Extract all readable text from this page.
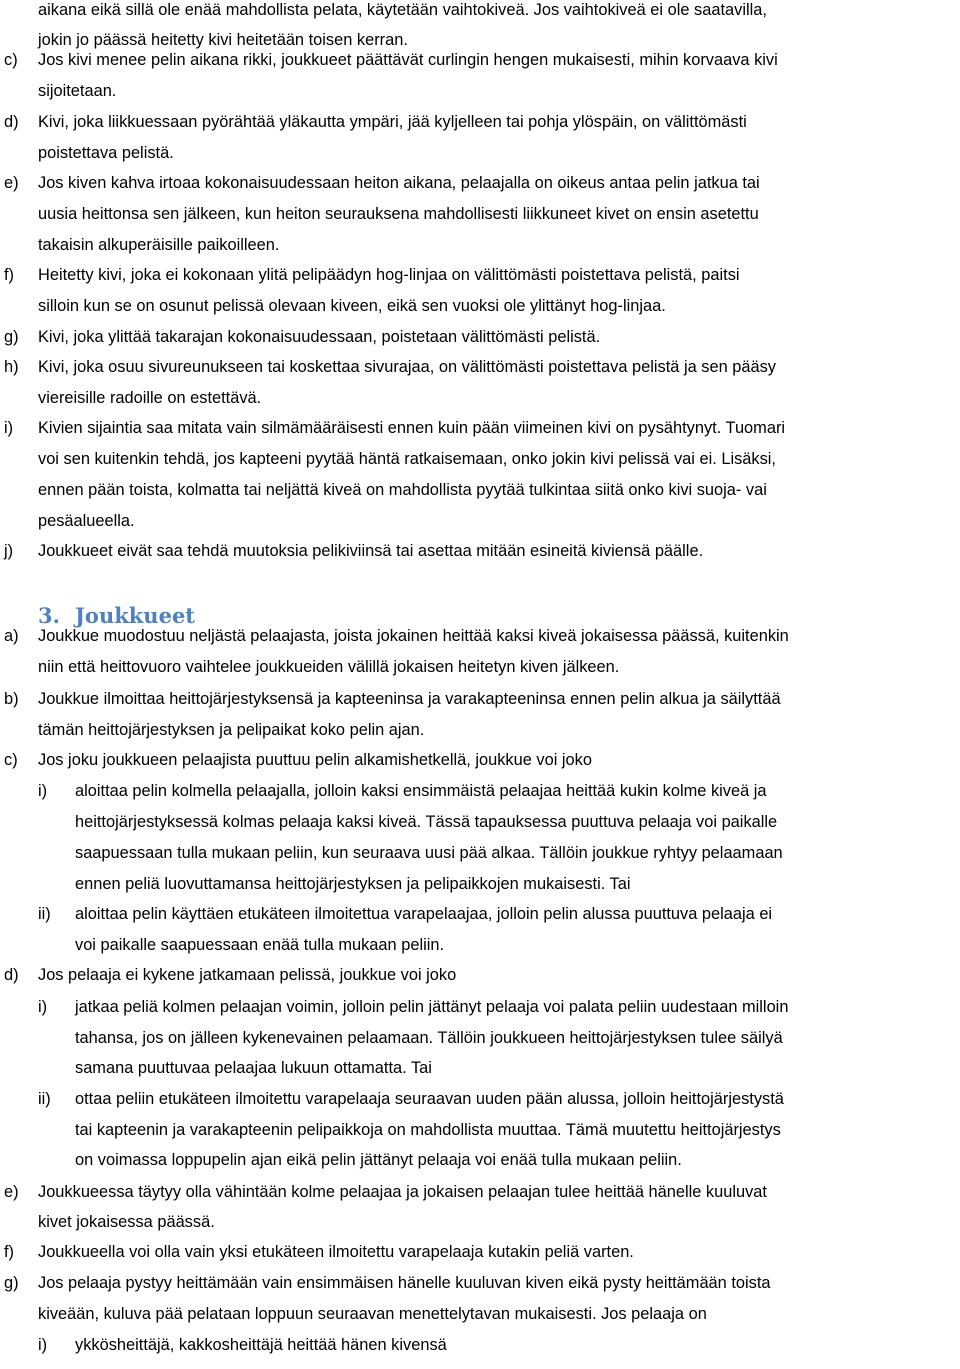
aikana eikä sillä ole enää mahdollista pelata, käytetään vaihtokiveä. Jos vaihtokiveä ei ole saatavilla,
jokin jo päässä heitetty kivi heitetään toisen kerran.
c) Jos kivi menee pelin aikana rikki, joukkueet päättävät curlingin hengen mukaisesti, mihin korvaava kivi
sijoitetaan.
d) Kivi, joka liikkuessaan pyörähtää yläkautta ympäri, jää kyljelleen tai pohja ylöspäin, on välittömästi
poistettava pelistä.
e) Jos kiven kahva irtoaa kokonaisuudessaan heiton aikana, pelaajalla on oikeus antaa pelin jatkua tai
uusia heittonsa sen jälkeen, kun heiton seurauksena mahdollisesti liikkuneet kivet on ensin asetettu
takaisin alkuperäisille paikoilleen.
f) Heitetty kivi, joka ei kokonaan ylitä pelipäädyn hog-linjaa on välittömästi poistettava pelistä, paitsi
silloin kun se on osunut pelissä olevaan kiveen, eikä sen vuoksi ole ylittänyt hog-linjaa.
g) Kivi, joka ylittää takarajan kokonaisuudessaan, poistetaan välittömästi pelistä.
h) Kivi, joka osuu sivureunukseen tai koskettaa sivurajaa, on välittömästi poistettava pelistä ja sen pääsy
viereisille radoille on estettävä.
i) Kivien sijaintia saa mitata vain silmämääräisesti ennen kuin pään viimeinen kivi on pysähtynyt. Tuomari
voi sen kuitenkin tehdä, jos kapteeni pyytää häntä ratkaisemaan, onko jokin kivi pelissä vai ei. Lisäksi,
ennen pään toista, kolmatta tai neljättä kiveä on mahdollista pyytää tulkintaa siitä onko kivi suoja- vai
pesäalueella.
j) Joukkueet eivät saa tehdä muutoksia pelikiviinsä tai asettaa mitään esineitä kiviensä päälle.
3. Joukkueet
a) Joukkue muodostuu neljästä pelaajasta, joista jokainen heittää kaksi kiveä jokaisessa päässä, kuitenkin
niin että heittovuoro vaihtelee joukkueiden välillä jokaisen heitetyn kiven jälkeen.
b) Joukkue ilmoittaa heittojärjestyksensä ja kapteeninsa ja varakapteeninsa ennen pelin alkua ja säilyttää
tämän heittojärjestyksen ja pelipaikat koko pelin ajan.
c) Jos joku joukkueen pelaajista puuttuu pelin alkamishetkellä, joukkue voi joko
i) aloittaa pelin kolmella pelaajalla, jolloin kaksi ensimmäistä pelaajaa heittää kukin kolme kiveä ja
heittojärjestyksessä kolmas pelaaja kaksi kiveä. Tässä tapauksessa puuttuva pelaaja voi paikalle
saapuessaan tulla mukaan peliin, kun seuraava uusi pää alkaa. Tällöin joukkue ryhtyy pelaamaan
ennen peliä luovuttamansa heittojärjestyksen ja pelipaikkojen mukaisesti. Tai
ii) aloittaa pelin käyttäen etukäteen ilmoitettua varapelaajaa, jolloin pelin alussa puuttuva pelaaja ei
voi paikalle saapuessaan enää tulla mukaan peliin.
d) Jos pelaaja ei kykene jatkamaan pelissä, joukkue voi joko
i) jatkaa peliä kolmen pelaajan voimin, jolloin pelin jättänyt pelaaja voi palata peliin uudestaan milloin
tahansa, jos on jälleen kykenevainen pelaamaan. Tällöin joukkueen heittojärjestyksen tulee säilyä
samana puuttuvaa pelaajaa lukuun ottamatta. Tai
ii) ottaa peliin etukäteen ilmoitettu varapelaaja seuraavan uuden pään alussa, jolloin heittojärjestystä
tai kapteenin ja varakapteenin pelipaikkoja on mahdollista muuttaa. Tämä muutettu heittojärjestys
on voimassa loppupelin ajan eikä pelin jättänyt pelaaja voi enää tulla mukaan peliin.
e) Joukkueessa täytyy olla vähintään kolme pelaajaa ja jokaisen pelaajan tulee heittää hänelle kuuluvat
kivet jokaisessa päässä.
f) Joukkueella voi olla vain yksi etukäteen ilmoitettu varapelaaja kutakin peliä varten.
g) Jos pelaaja pystyy heittämään vain ensimmäisen hänelle kuuluvan kiven eikä pysty heittämään toista
kiveään, kuluva pää pelataan loppuun seuraavan menettelytavan mukaisesti. Jos pelaaja on
i) ykkösheittäjä, kakkosheittäjä heittää hänen kivensä
